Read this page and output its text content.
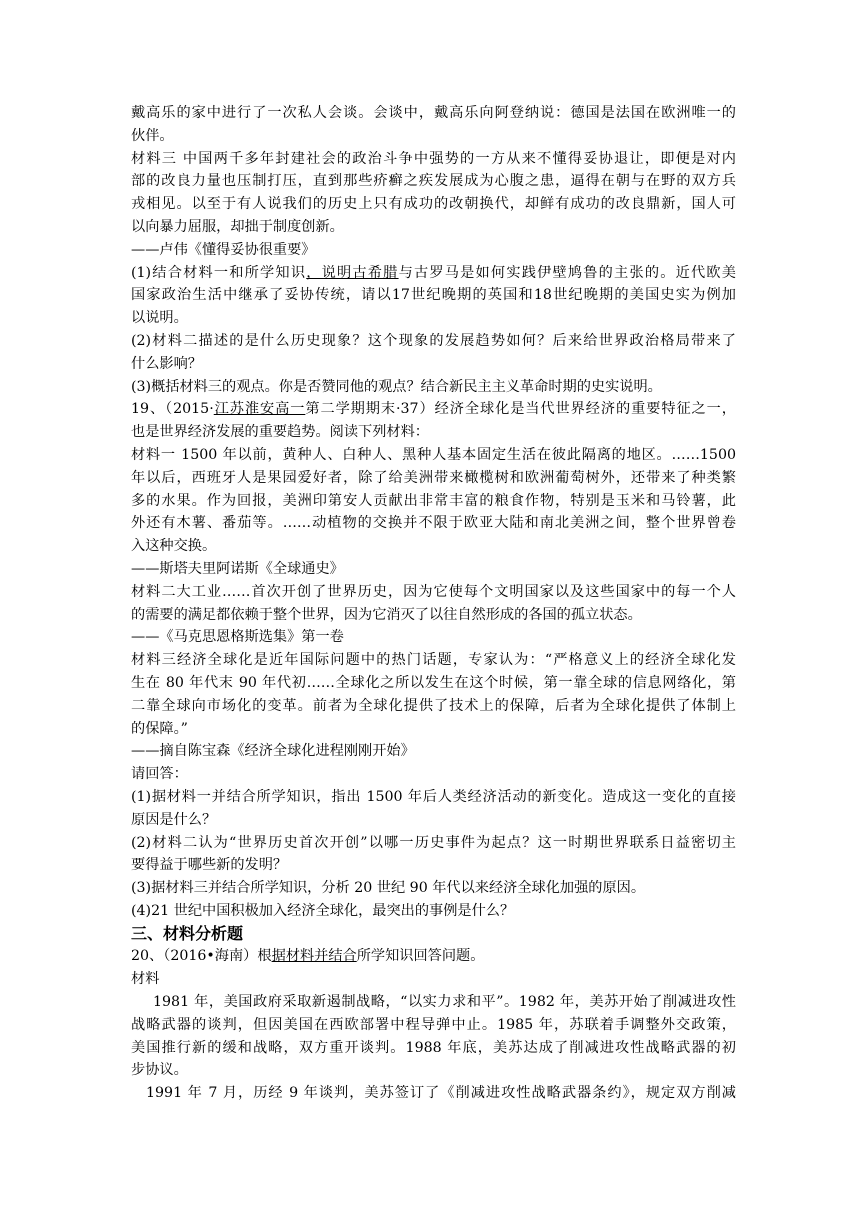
戴高乐的家中进行了一次私人会谈。会谈中，戴高乐向阿登纳说：德国是法国在欧洲唯一的
伙伴。
材料三 中国两千多年封建社会的政治斗争中强势的一方从来不懂得妥协退让，即便是对内
部的改良力量也压制打压，直到那些疥癣之疾发展成为心腹之患，逼得在朝与在野的双方兵
戎相见。以至于有人说我们的历史上只有成功的改朝换代，却鲜有成功的改良鼎新，国人可
以向暴力屈服，却拙于制度创新。
——卢伟《懂得妥协很重要》
(1)结合材料一和所学知识，说明古希腊与古罗马是如何实践伊壁鸠鲁的主张的。近代欧美
国家政治生活中继承了妥协传统，请以17世纪晚期的英国和18世纪晚期的美国史实为例加
以说明。
(2)材料二描述的是什么历史现象？这个现象的发展趋势如何？后来给世界政治格局带来了
什么影响？
(3)概括材料三的观点。你是否赞同他的观点？结合新民主主义革命时期的史实说明。
19、（2015·江苏淮安高一第二学期期末·37）经济全球化是当代世界经济的重要特征之一，
也是世界经济发展的重要趋势。阅读下列材料：
材料一 1500 年以前，黄种人、白种人、黑种人基本固定生活在彼此隔离的地区。……1500
年以后，西班牙人是果园爱好者，除了给美洲带来橄榄树和欧洲葡萄树外，还带来了种类繁
多的水果。作为回报，美洲印第安人贡献出非常丰富的粮食作物，特别是玉米和马铃薯，此
外还有木薯、番茄等。……动植物的交换并不限于欧亚大陆和南北美洲之间，整个世界曾卷
入这种交换。
——斯塔夫里阿诺斯《全球通史》
材料二大工业……首次开创了世界历史，因为它使每个文明国家以及这些国家中的每一个人
的需要的满足都依赖于整个世界，因为它消灭了以往自然形成的各国的孤立状态。
——《马克思恩格斯选集》第一卷
材料三经济全球化是近年国际问题中的热门话题，专家认为：“严格意义上的经济全球化发
生在 80 年代末 90 年代初……全球化之所以发生在这个时候，第一靠全球的信息网络化，第
二靠全球向市场化的变革。前者为全球化提供了技术上的保障，后者为全球化提供了体制上
的保障。”
——摘自陈宝森《经济全球化进程刚刚开始》
请回答：
(1)据材料一并结合所学知识，指出 1500 年后人类经济活动的新变化。造成这一变化的直接
原因是什么？
(2)材料二认为“世界历史首次开创”以哪一历史事件为起点？这一时期世界联系日益密切主
要得益于哪些新的发明？
(3)据材料三并结合所学知识，分析 20 世纪 90 年代以来经济全球化加强的原因。
(4)21 世纪中国积极加入经济全球化，最突出的事例是什么？
三、材料分析题
20、（2016•海南）根据材料并结合所学知识回答问题。
材料
1981 年，美国政府采取新遏制战略，“以实力求和平”。1982 年，美苏开始了削减进攻性
战略武器的谈判，但因美国在西欧部署中程导弹中止。1985 年，苏联着手调整外交政策，
美国推行新的缓和战略，双方重开谈判。1988 年底，美苏达成了削减进攻性战略武器的初
步协议。
1991 年 7 月，历经 9 年谈判，美苏签订了《削减进攻性战略武器条约》，规定双方削减
